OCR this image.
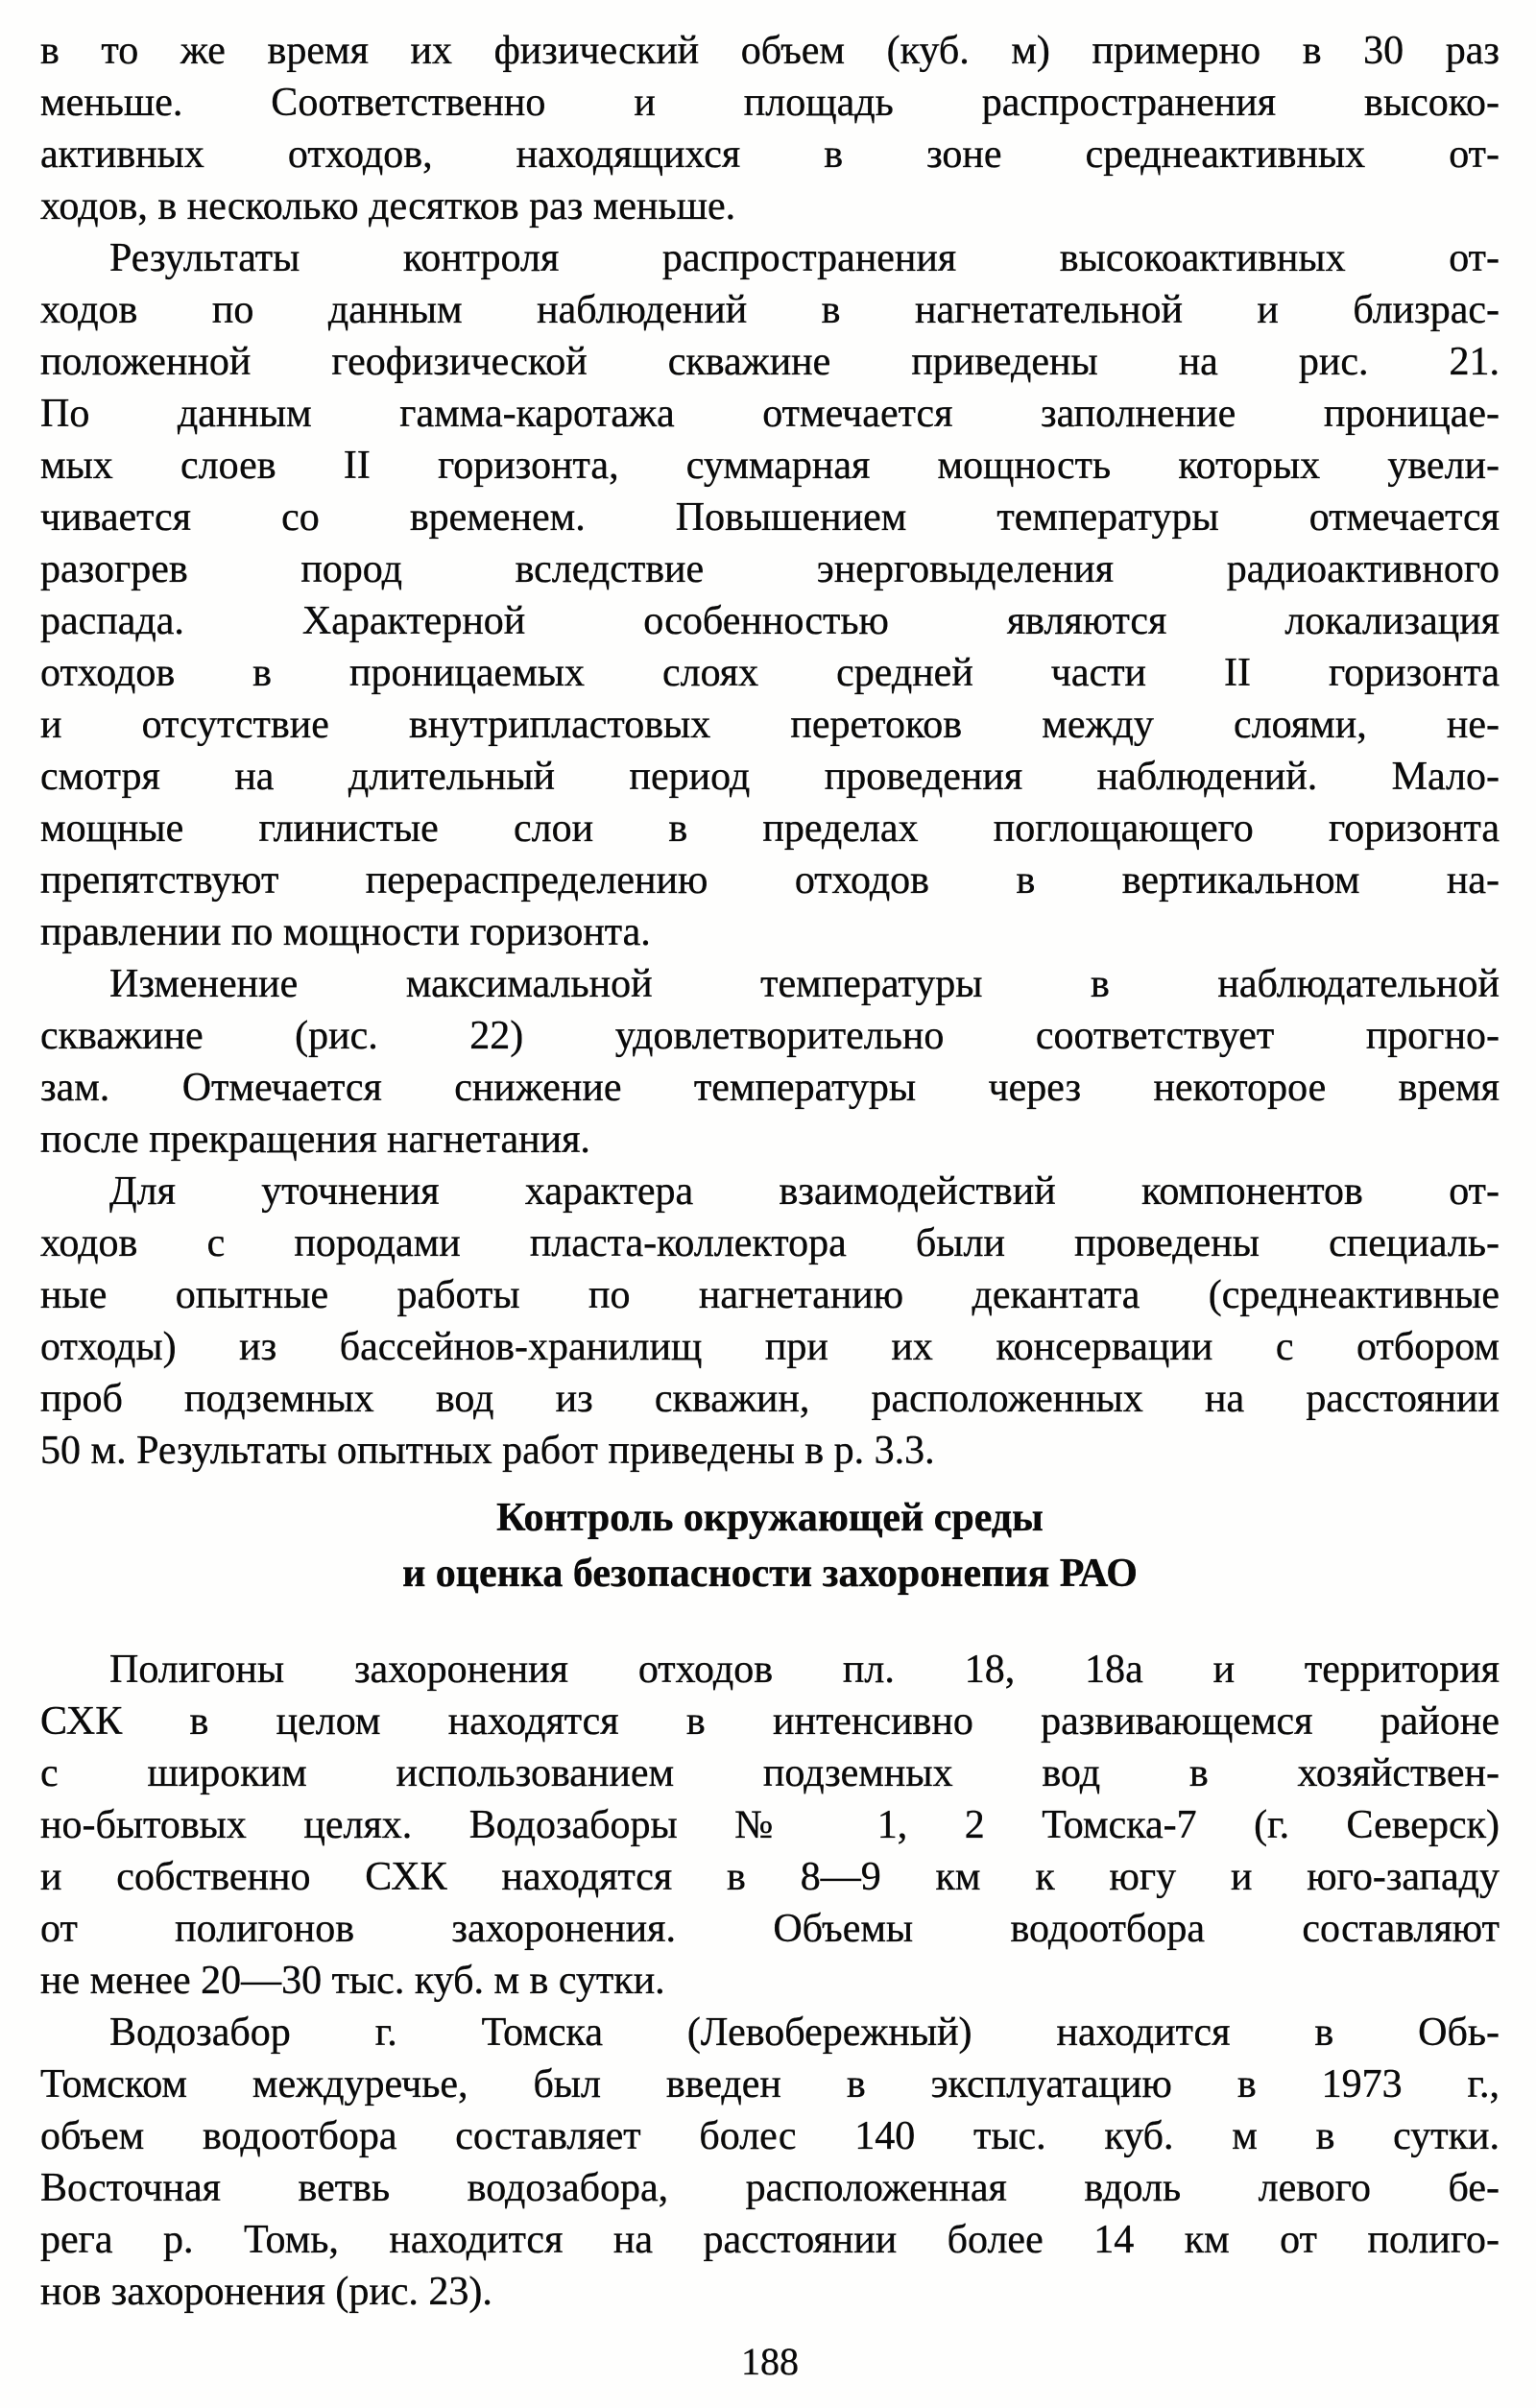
в то же время их физический объем (куб. м) примерно в 30 раз
меньше. Соответственно и площадь распространения высоко-
активных отходов, находящихся в зоне среднеактивных от-
ходов, в несколько десятков раз меньше.
Результаты контроля распространения высокоактивных от-
ходов по данным наблюдений в нагнетательной и близрас-
положенной геофизической скважине приведены на рис. 21.
По данным гамма-каротажа отмечается заполнение проницае-
мых слоев II горизонта, суммарная мощность которых увели-
чивается со временем. Повышением температуры отмечается
разогрев пород вследствие энерговыделения радиоактивного
распада. Характерной особенностью являются локализация
отходов в проницаемых слоях средней части II горизонта
и отсутствие внутрипластовых перетоков между слоями, не-
смотря на длительный период проведения наблюдений. Мало-
мощные глинистые слои в пределах поглощающего горизонта
препятствуют перераспределению отходов в вертикальном на-
правлении по мощности горизонта.
Изменение максимальной температуры в наблюдательной
скважине (рис. 22) удовлетворительно соответствует прогно-
зам. Отмечается снижение температуры через некоторое время
после прекращения нагнетания.
Для уточнения характера взаимодействий компонентов от-
ходов с породами пласта-коллектора были проведены специаль-
ные опытные работы по нагнетанию декантата (среднеактивные
отходы) из бассейнов-хранилищ при их консервации с отбором
проб подземных вод из скважин, расположенных на расстоянии
50 м. Результаты опытных работ приведены в р. 3.3.
Контроль окружающей среды
и оценка безопасности захоронепия РАО
Полигоны захоронения отходов пл. 18, 18а и территория
СХК в целом находятся в интенсивно развивающемся районе
с широким использованием подземных вод в хозяйствен-
но-бытовых целях. Водозаборы № 1, 2 Томска-7 (г. Северск)
и собственно СХК находятся в 8—9 км к югу и юго-западу
от полигонов захоронения. Объемы водоотбора составляют
не менее 20—30 тыс. куб. м в сутки.
Водозабор г. Томска (Левобережный) находится в Обь-
Томском междуречье, был введен в эксплуатацию в 1973 г.,
объем водоотбора составляет болес 140 тыс. куб. м в сутки.
Восточная ветвь водозабора, расположенная вдоль левого бе-
рега р. Томь, находится на расстоянии более 14 км от полиго-
нов захоронения (рис. 23).
188
